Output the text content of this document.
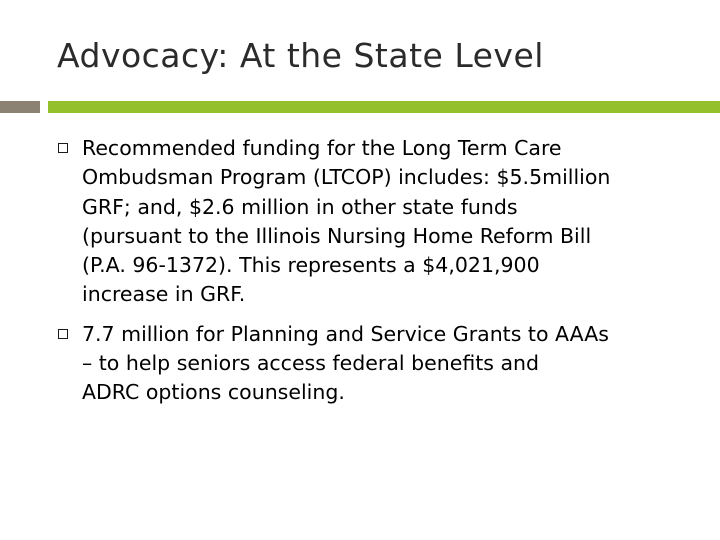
Advocacy: At the State Level
Recommended funding for the Long Term Care
Ombudsman Program (LTCOP) includes: $5.5million
GRF; and, $2.6 million in other state funds
(pursuant to the Illinois Nursing Home Reform Bill
(P.A. 96-1372). This represents a $4,021,900
increase in GRF.
7.7 million for Planning and Service Grants to AAAs
– to help seniors access federal benefits and
ADRC options counseling.
